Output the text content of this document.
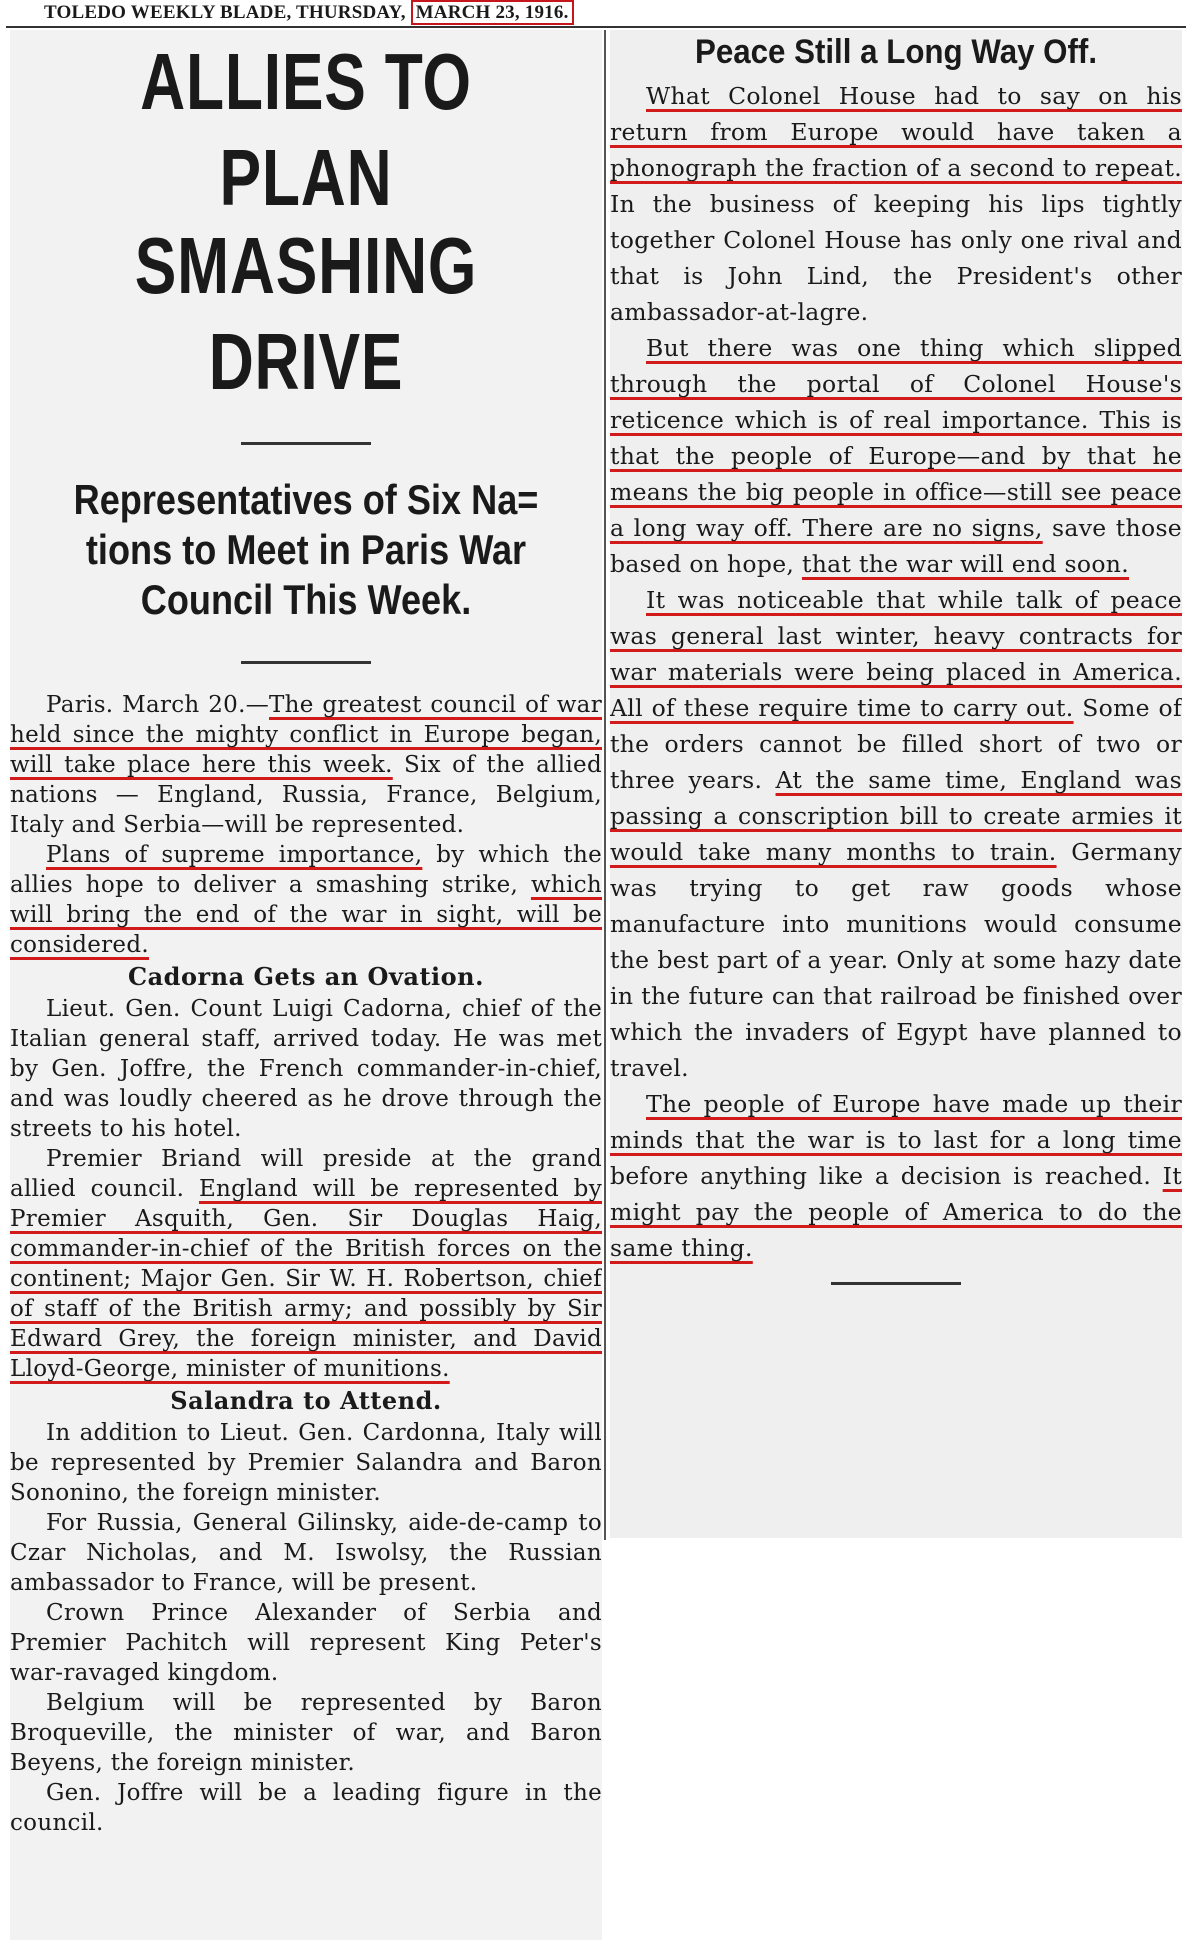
TOLEDO WEEKLY BLADE, THURSDAY, MARCH 23, 1916.
ALLIES TO PLAN
SMASHING DRIVE
Representatives of Six Na=
tions to Meet in Paris War
Council This Week.

Paris. March 20.—The greatest council of war held since the mighty conflict in Europe began, will take place here this week. Six of the allied nations — England, Russia, France, Belgium, Italy and Serbia—will be represented.

Plans of supreme importance, by which the allies hope to deliver a smashing strike, which will bring the end of the war in sight, will be considered.

Cadorna Gets an Ovation.

Lieut. Gen. Count Luigi Cadorna, chief of the Italian general staff, arrived today. He was met by Gen. Joffre, the French commander-in-chief, and was loudly cheered as he drove through the streets to his hotel.

Premier Briand will preside at the grand allied council. England will be represented by Premier Asquith, Gen. Sir Douglas Haig, commander-in-chief of the British forces on the continent; Major Gen. Sir W. H. Robertson, chief of staff of the British army; and possibly by Sir Edward Grey, the foreign minister, and David Lloyd-George, minister of munitions.

Salandra to Attend.

In addition to Lieut. Gen. Cardonna, Italy will be represented by Premier Salandra and Baron Sononino, the foreign minister.

For Russia, General Gilinsky, aide-de-camp to Czar Nicholas, and M. Iswolsy, the Russian ambassador to France, will be present.

Crown Prince Alexander of Serbia and Premier Pachitch will represent King Peter's war-ravaged kingdom.

Belgium will be represented by Baron Broqueville, the minister of war, and Baron Beyens, the foreign minister.

Gen. Joffre will be a leading figure in the council.

Peace Still a Long Way Off.

What Colonel House had to say on his return from Europe would have taken a phonograph the fraction of a second to repeat. In the business of keeping his lips tightly together Colonel House has only one rival and that is John Lind, the President's other ambassador-at-lagre.

But there was one thing which slipped through the portal of Colonel House's reticence which is of real importance. This is that the people of Europe—and by that he means the big people in office—still see peace a long way off. There are no signs, save those based on hope, that the war will end soon.

It was noticeable that while talk of peace was general last winter, heavy contracts for war materials were being placed in America. All of these require time to carry out. Some of the orders cannot be filled short of two or three years. At the same time, England was passing a conscription bill to create armies it would take many months to train. Germany was trying to get raw goods whose manufacture into munitions would consume the best part of a year. Only at some hazy date in the future can that railroad be finished over which the invaders of Egypt have planned to travel.

The people of Europe have made up their minds that the war is to last for a long time before anything like a decision is reached. It might pay the people of America to do the same thing.
